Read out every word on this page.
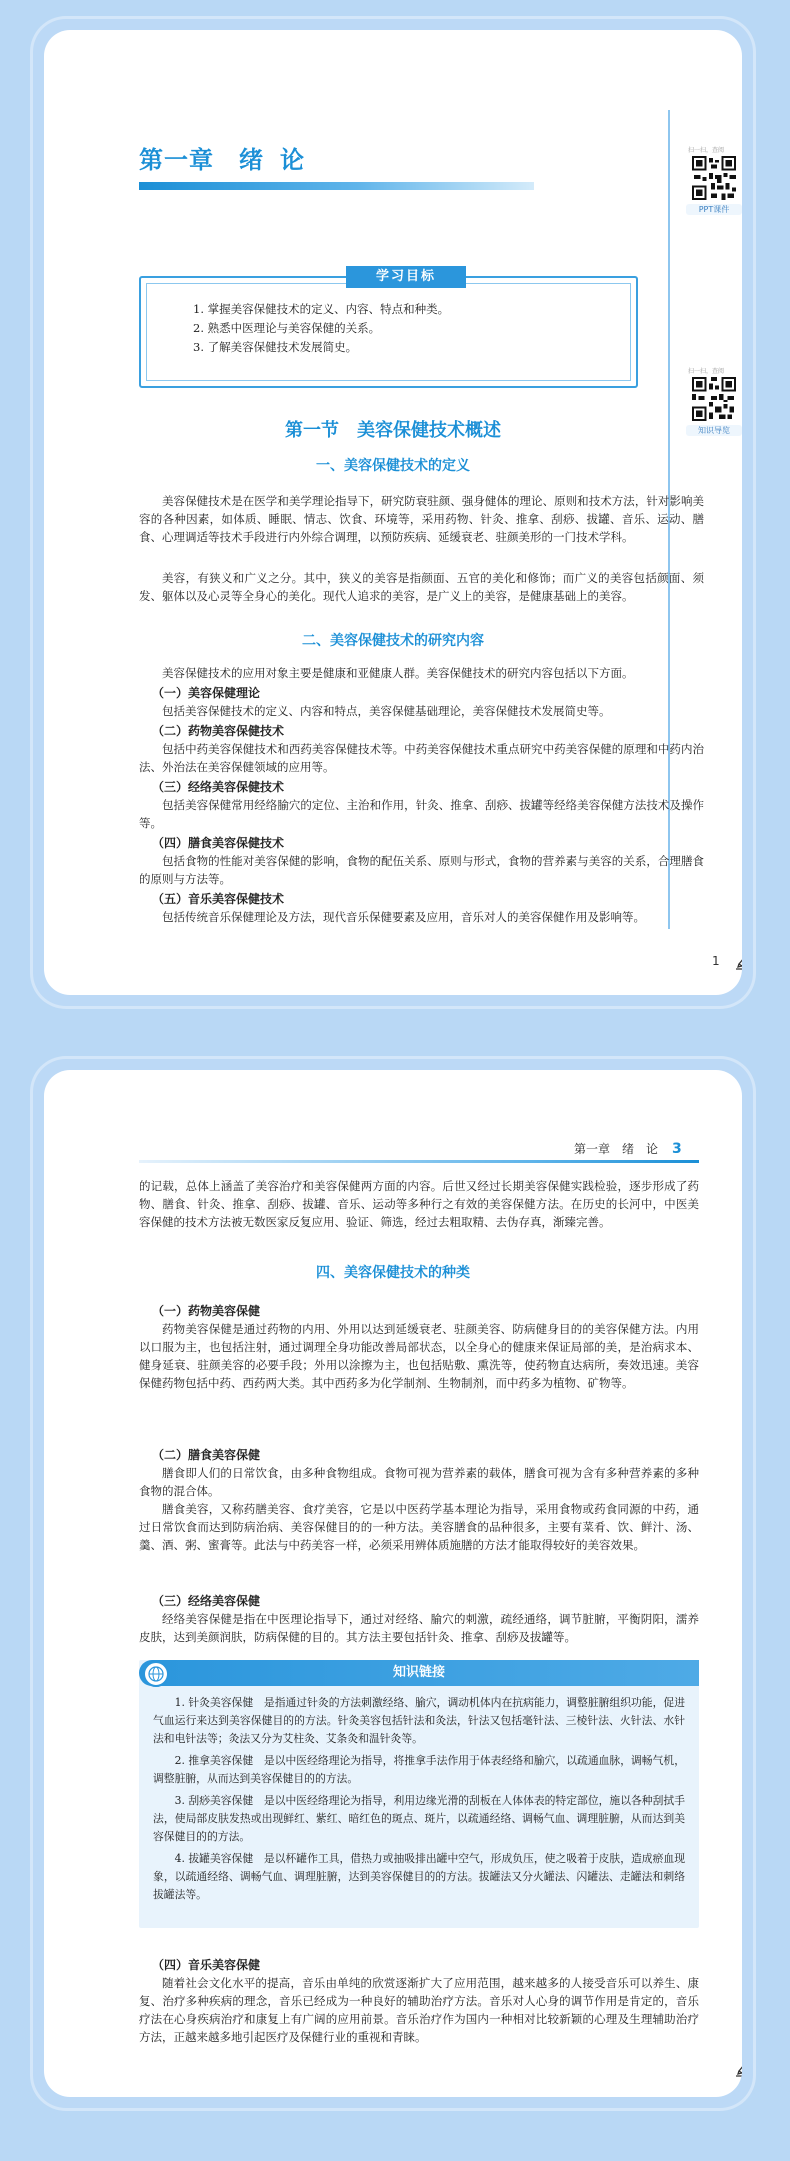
第一章　绪 论	扫一扫，查阅
PPT课件
扫一扫，查阅
知识导览
学习目标
1. 掌握美容保健技术的定义、内容、特点和种类。
2. 熟悉中医理论与美容保健的关系。
3. 了解美容保健技术发展简史。
第一节　美容保健技术概述
一、美容保健技术的定义

美容保健技术是在医学和美学理论指导下，研究防衰驻颜、强身健体的理论、原则和技术方法，针对影响美容的各种因素，如体质、睡眠、情志、饮食、环境等，采用药物、针灸、推拿、刮痧、拔罐、音乐、运动、膳食、心理调适等技术手段进行内外综合调理，以预防疾病、延缓衰老、驻颜美形的一门技术学科。

美容，有狭义和广义之分。其中，狭义的美容是指颜面、五官的美化和修饰；而广义的美容包括颜面、须发、躯体以及心灵等全身心的美化。现代人追求的美容，是广义上的美容，是健康基础上的美容。

二、美容保健技术的研究内容

美容保健技术的应用对象主要是健康和亚健康人群。美容保健技术的研究内容包括以下方面。

（一）美容保健理论

包括美容保健技术的定义、内容和特点，美容保健基础理论，美容保健技术发展简史等。

（二）药物美容保健技术

包括中药美容保健技术和西药美容保健技术等。中药美容保健技术重点研究中药美容保健的原理和中药内治法、外治法在美容保健领域的应用等。

（三）经络美容保健技术

包括美容保健常用经络腧穴的定位、主治和作用，针灸、推拿、刮痧、拔罐等经络美容保健方法技术及操作等。

（四）膳食美容保健技术

包括食物的性能对美容保健的影响，食物的配伍关系、原则与形式，食物的营养素与美容的关系，合理膳食的原则与方法等。

（五）音乐美容保健技术

包括传统音乐保健理论及方法，现代音乐保健要素及应用，音乐对人的美容保健作用及影响等。

1
第一章　绪　论 3

的记载，总体上涵盖了美容治疗和美容保健两方面的内容。后世又经过长期美容保健实践检验，逐步形成了药物、膳食、针灸、推拿、刮痧、拔罐、音乐、运动等多种行之有效的美容保健方法。在历史的长河中，中医美容保健的技术方法被无数医家反复应用、验证、筛选，经过去粗取精、去伪存真，渐臻完善。

四、美容保健技术的种类

（一）药物美容保健

药物美容保健是通过药物的内用、外用以达到延缓衰老、驻颜美容、防病健身目的的美容保健方法。内用以口服为主，也包括注射，通过调理全身功能改善局部状态，以全身心的健康来保证局部的美，是治病求本、健身延衰、驻颜美容的必要手段；外用以涂擦为主，也包括贴敷、熏洗等，使药物直达病所，奏效迅速。美容保健药物包括中药、西药两大类。其中西药多为化学制剂、生物制剂，而中药多为植物、矿物等。

（二）膳食美容保健

膳食即人们的日常饮食，由多种食物组成。食物可视为营养素的载体，膳食可视为含有多种营养素的多种食物的混合体。

膳食美容，又称药膳美容、食疗美容，它是以中医药学基本理论为指导，采用食物或药食同源的中药，通过日常饮食而达到防病治病、美容保健目的的一种方法。美容膳食的品种很多，主要有菜肴、饮、鲜汁、汤、羹、酒、粥、蜜膏等。此法与中药美容一样，必须采用辨体质施膳的方法才能取得较好的美容效果。

（三）经络美容保健

经络美容保健是指在中医理论指导下，通过对经络、腧穴的刺激，疏经通络，调节脏腑，平衡阴阳，濡养皮肤，达到美颜润肤，防病保健的目的。其方法主要包括针灸、推拿、刮痧及拔罐等。

知识链接

1. 针灸美容保健　是指通过针灸的方法刺激经络、腧穴，调动机体内在抗病能力，调整脏腑组织功能，促进气血运行来达到美容保健目的的方法。针灸美容包括针法和灸法，针法又包括毫针法、三棱针法、火针法、水针法和电针法等；灸法又分为艾柱灸、艾条灸和温针灸等。

2. 推拿美容保健　是以中医经络理论为指导，将推拿手法作用于体表经络和腧穴，以疏通血脉，调畅气机，调整脏腑，从而达到美容保健目的的方法。

3. 刮痧美容保健　是以中医经络理论为指导，利用边缘光滑的刮板在人体体表的特定部位，施以各种刮拭手法，使局部皮肤发热或出现鲜红、紫红、暗红色的斑点、斑片，以疏通经络、调畅气血、调理脏腑，从而达到美容保健目的的方法。

4. 拔罐美容保健　是以杯罐作工具，借热力或抽吸排出罐中空气，形成负压，使之吸着于皮肤，造成瘀血现象，以疏通经络、调畅气血、调理脏腑，达到美容保健目的的方法。拔罐法又分火罐法、闪罐法、走罐法和刺络拔罐法等。

（四）音乐美容保健

随着社会文化水平的提高，音乐由单纯的欣赏逐渐扩大了应用范围，越来越多的人接受音乐可以养生、康复、治疗多种疾病的理念，音乐已经成为一种良好的辅助治疗方法。音乐对人心身的调节作用是肯定的，音乐疗法在心身疾病治疗和康复上有广阔的应用前景。音乐治疗作为国内一种相对比较新颖的心理及生理辅助治疗方法，正越来越多地引起医疗及保健行业的重视和青睐。
